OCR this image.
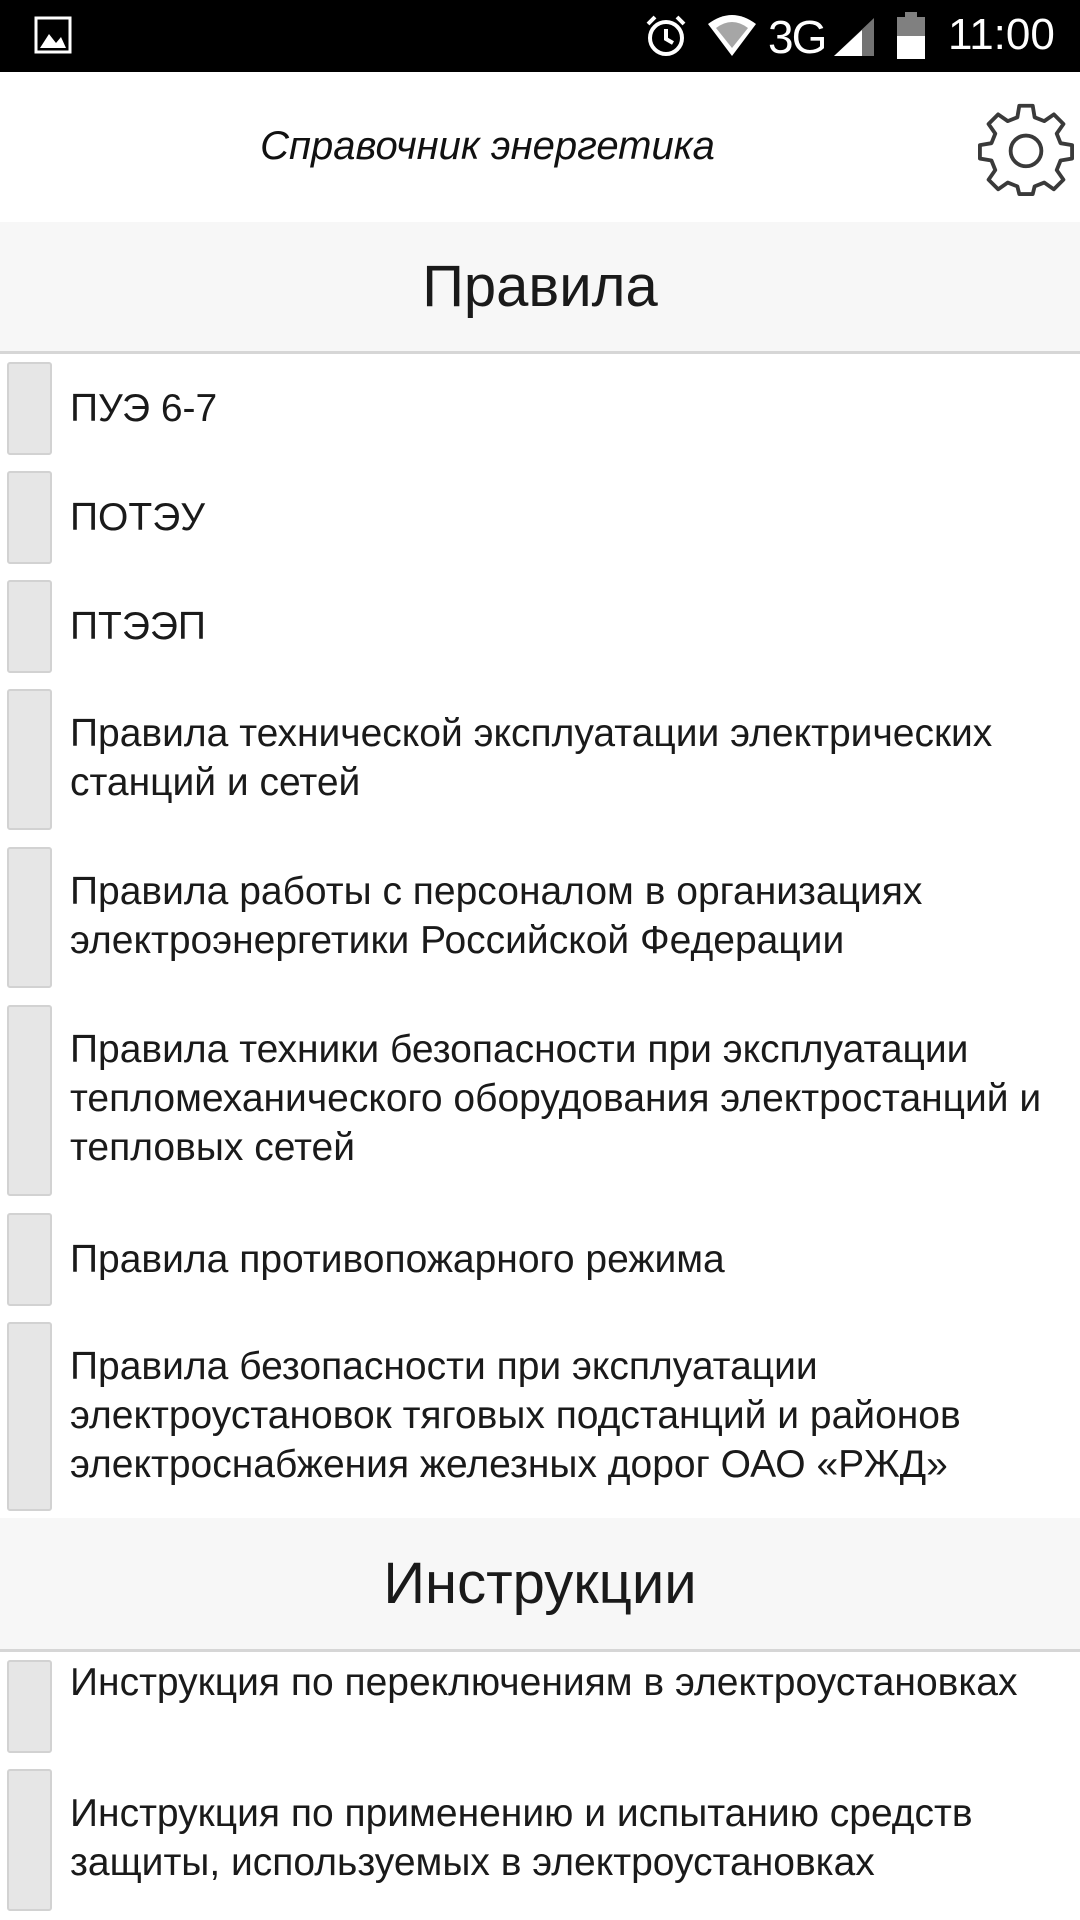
3G	11:00
Справочник энергетика
Правила
ПУЭ 6-7
ПОТЭУ
ПТЭЭП
Правила технической эксплуатации электрических станций и сетей
Правила работы с персоналом в организациях электроэнергетики Российской Федерации
Правила техники безопасности при эксплуатации тепломеханического оборудования электростанций и тепловых сетей
Правила противопожарного режима
Правила безопасности при эксплуатации электроустановок тяговых подстанций и районов электроснабжения железных дорог ОАО «РЖД»
Инструкции
Инструкция по переключениям в электроустановках
Инструкция по применению и испытанию средств защиты, используемых в электроустановках
